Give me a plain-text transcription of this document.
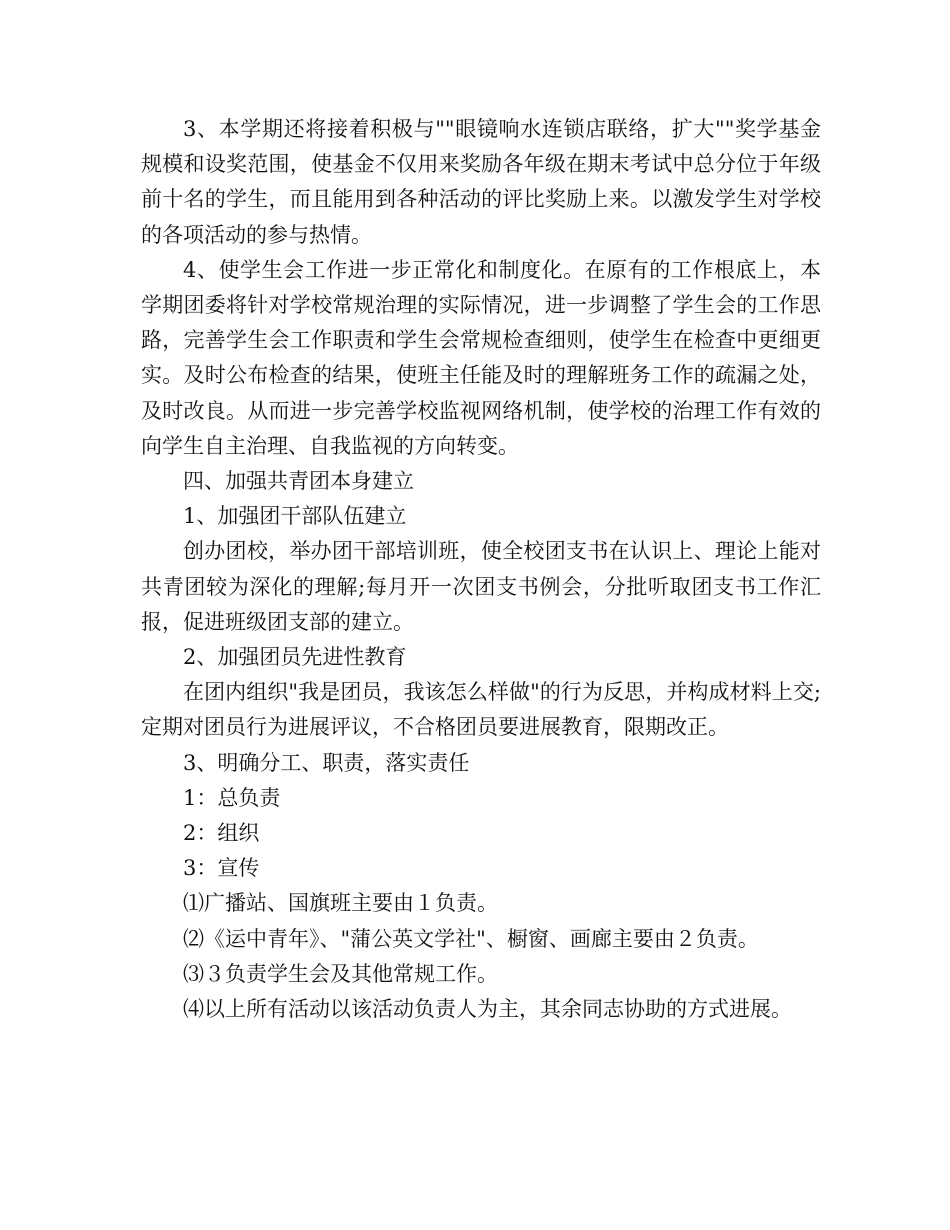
3、本学期还将接着积极与""眼镜响水连锁店联络，扩大""奖学基金规模和设奖范围，使基金不仅用来奖励各年级在期末考试中总分位于年级前十名的学生，而且能用到各种活动的评比奖励上来。以激发学生对学校的各项活动的参与热情。

4、使学生会工作进一步正常化和制度化。在原有的工作根底上，本学期团委将针对学校常规治理的实际情况，进一步调整了学生会的工作思路，完善学生会工作职责和学生会常规检查细则，使学生在检查中更细更实。及时公布检查的结果，使班主任能及时的理解班务工作的疏漏之处，及时改良。从而进一步完善学校监视网络机制，使学校的治理工作有效的向学生自主治理、自我监视的方向转变。

四、加强共青团本身建立

1、加强团干部队伍建立

创办团校，举办团干部培训班，使全校团支书在认识上、理论上能对共青团较为深化的理解;每月开一次团支书例会，分批听取团支书工作汇报，促进班级团支部的建立。

2、加强团员先进性教育

在团内组织"我是团员，我该怎么样做"的行为反思，并构成材料上交;定期对团员行为进展评议，不合格团员要进展教育，限期改正。

3、明确分工、职责，落实责任

1：总负责

2：组织

3：宣传

⑴广播站、国旗班主要由１负责。

⑵《运中青年》、"蒲公英文学社"、橱窗、画廊主要由２负责。

⑶３负责学生会及其他常规工作。

⑷以上所有活动以该活动负责人为主，其余同志协助的方式进展。
